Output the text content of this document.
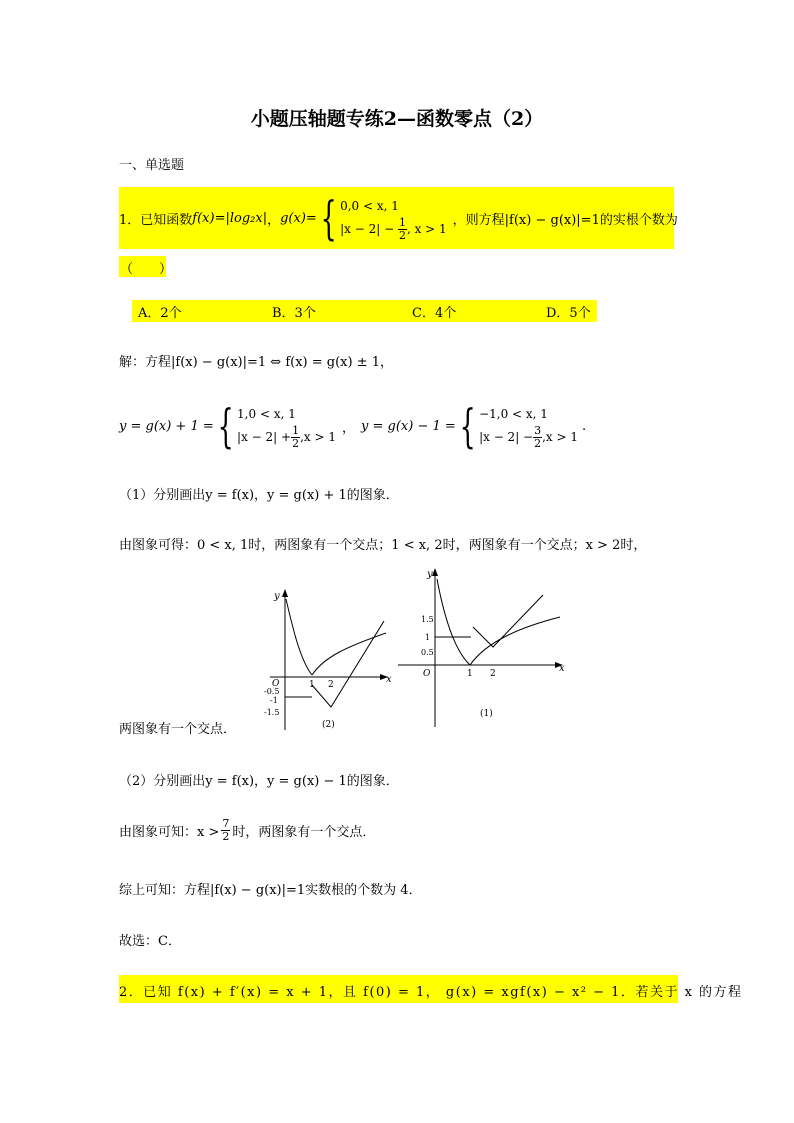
小题压轴题专练2—函数零点（2）
一、单选题
1．已知函数 f(x)=|log₂x| ， g(x)= { 0,0 < x, 1
$|x - 2| - \frac{1}{2}$ , x > 1
，则方程|f(x) − g(x)|=1的实根个数为
（　　）
A．2个	B．3个	C．4个	D．5个
解：方程|f(x) − g(x)|=1 ⇔ f(x) = g(x) ± 1，
y = g(x) + 1 = { 1,0 < x, 1
$|x - 2| + \frac{1}{2} ,x > 1$
， y = g(x) − 1 = { −1,0 < x, 1
$|x - 2| - \frac{3}{2} ,x > 1$
.
（1）分别画出y = f(x)，y = g(x) + 1的图象．
由图象可得：0 < x, 1时，两图象有一个交点；1 < x, 2时，两图象有一个交点；x > 2时，
y
x
O	1 2
-0.5
-1
-1.5
(2)
y
x
O	1 2
1.5
1
0.5
(1)
两图象有一个交点．
（2）分别画出y = f(x)，y = g(x) − 1的图象．
由图象可知：$x > \frac{7}{2}$ 时，两图象有一个交点．
综上可知：方程|f(x) − g(x)|=1实数根的个数为 4．
故选：C．
2．已知 f(x) + f′(x) = x + 1，且 f(0) = 1， g(x) = xgf(x) − x² − 1．若关于 x 的方程
